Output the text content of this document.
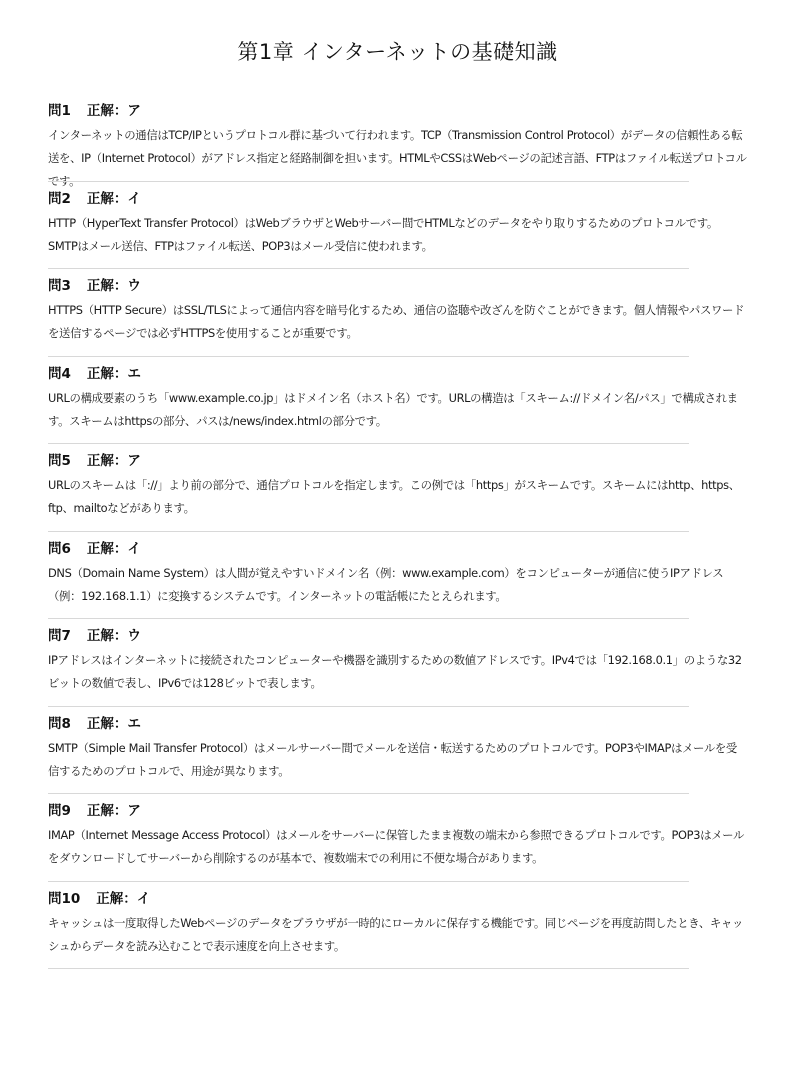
第1章 インターネットの基礎知識
問1 正解：ア

インターネットの通信はTCP/IPというプロトコル群に基づいて行われます。TCP（Transmission Control Protocol）がデータの信頼性ある転送を、IP（Internet Protocol）がアドレス指定と経路制御を担います。HTMLやCSSはWebページの記述言語、FTPはファイル転送プロトコルです。

問2 正解：イ

HTTP（HyperText Transfer Protocol）はWebブラウザとWebサーバー間でHTMLなどのデータをやり取りするためのプロトコルです。SMTPはメール送信、FTPはファイル転送、POP3はメール受信に使われます。

問3 正解：ウ

HTTPS（HTTP Secure）はSSL/TLSによって通信内容を暗号化するため、通信の盗聴や改ざんを防ぐことができます。個人情報やパスワードを送信するページでは必ずHTTPSを使用することが重要です。

問4 正解：エ

URLの構成要素のうち「www.example.co.jp」はドメイン名（ホスト名）です。URLの構造は「スキーム://ドメイン名/パス」で構成されます。スキームはhttpsの部分、パスは/news/index.htmlの部分です。

問5 正解：ア

URLのスキームは「://」より前の部分で、通信プロトコルを指定します。この例では「https」がスキームです。スキームにはhttp、https、ftp、mailtoなどがあります。

問6 正解：イ

DNS（Domain Name System）は人間が覚えやすいドメイン名（例：www.example.com）をコンピューターが通信に使うIPアドレス（例：192.168.1.1）に変換するシステムです。インターネットの電話帳にたとえられます。

問7 正解：ウ

IPアドレスはインターネットに接続されたコンピューターや機器を識別するための数値アドレスです。IPv4では「192.168.0.1」のような32ビットの数値で表し、IPv6では128ビットで表します。

問8 正解：エ

SMTP（Simple Mail Transfer Protocol）はメールサーバー間でメールを送信・転送するためのプロトコルです。POP3やIMAPはメールを受信するためのプロトコルで、用途が異なります。

問9 正解：ア

IMAP（Internet Message Access Protocol）はメールをサーバーに保管したまま複数の端末から参照できるプロトコルです。POP3はメールをダウンロードしてサーバーから削除するのが基本で、複数端末での利用に不便な場合があります。

問10 正解：イ

キャッシュは一度取得したWebページのデータをブラウザが一時的にローカルに保存する機能です。同じページを再度訪問したとき、キャッシュからデータを読み込むことで表示速度を向上させます。
